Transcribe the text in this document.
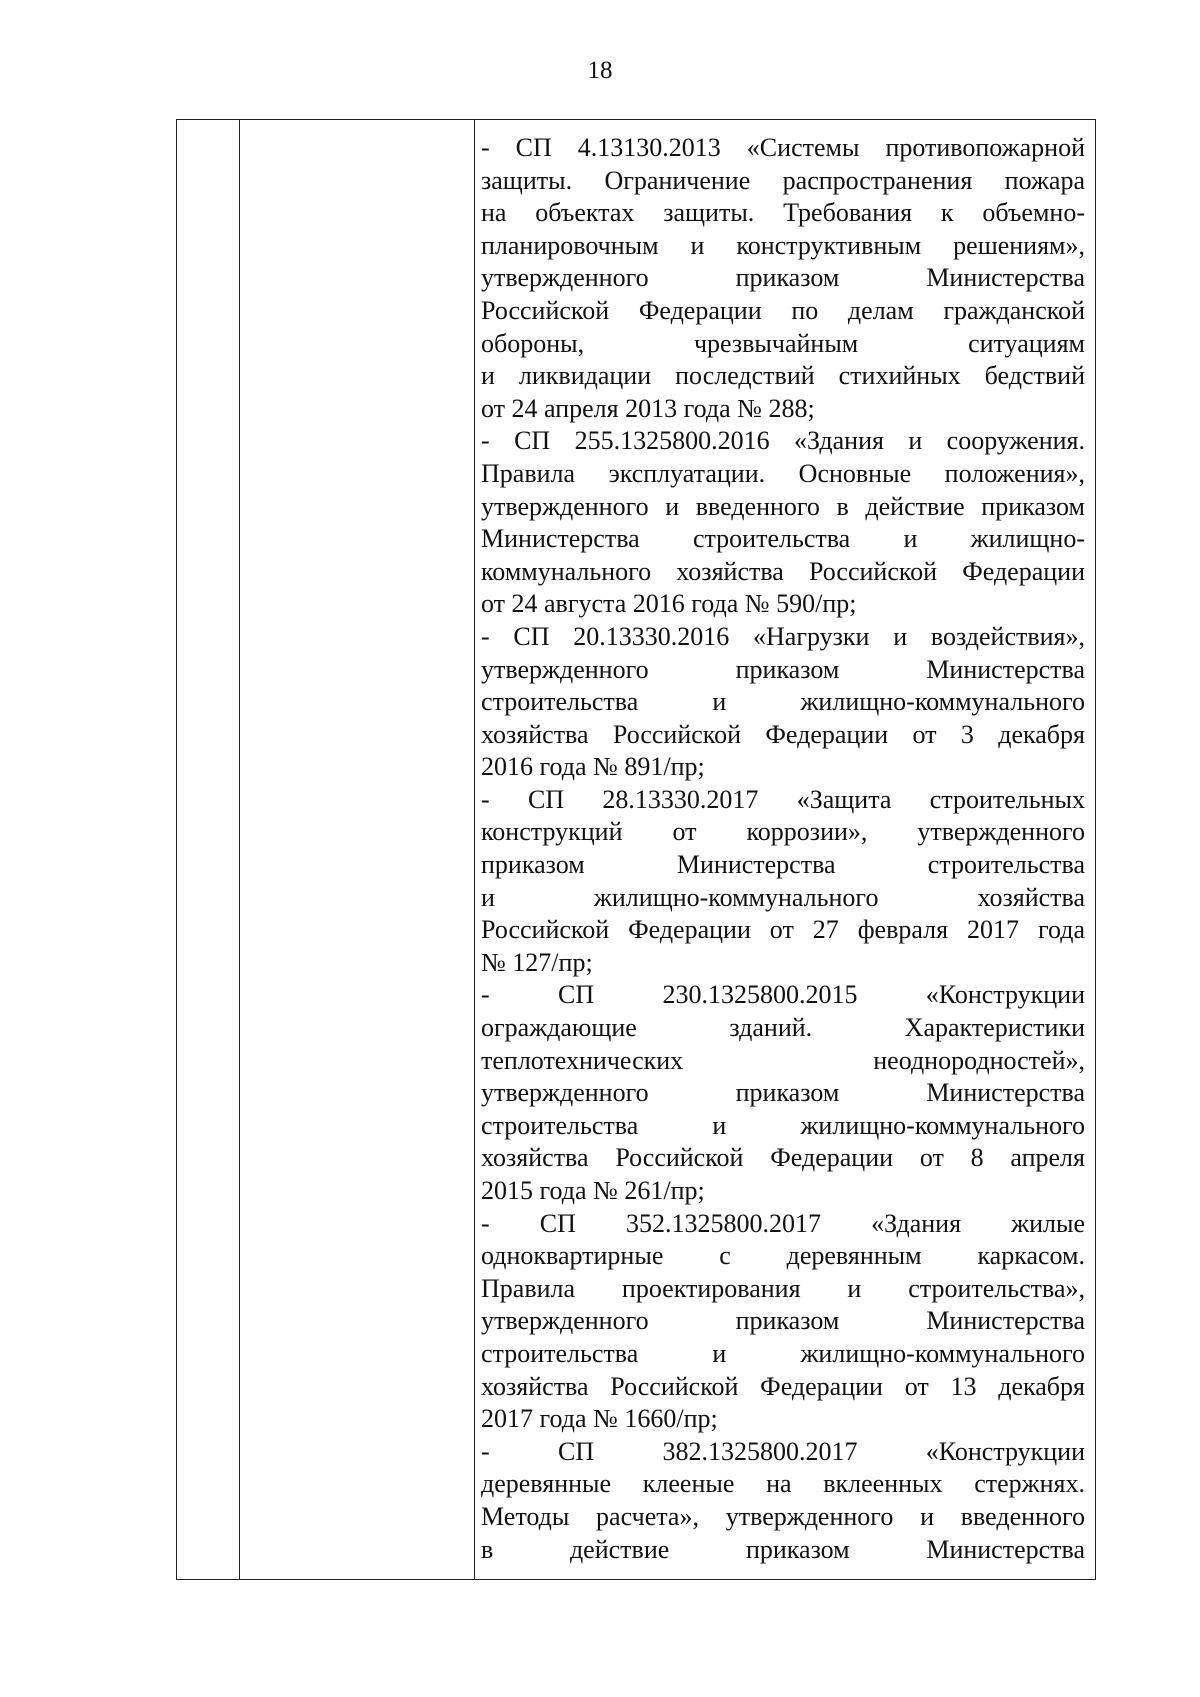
18
- СП 4.13130.2013 «Системы противопожарной
защиты. Ограничение распространения пожара
на объектах защиты. Требования к объемно-
планировочным и конструктивным решениям»,
утвержденного приказом Министерства
Российской Федерации по делам гражданской
обороны, чрезвычайным ситуациям
и ликвидации последствий стихийных бедствий
от 24 апреля 2013 года № 288;
- СП 255.1325800.2016 «Здания и сооружения.
Правила эксплуатации. Основные положения»,
утвержденного и введенного в действие приказом
Министерства строительства и жилищно-
коммунального хозяйства Российской Федерации
от 24 августа 2016 года № 590/пр;
- СП 20.13330.2016 «Нагрузки и воздействия»,
утвержденного приказом Министерства
строительства и жилищно-коммунального
хозяйства Российской Федерации от 3 декабря
2016 года № 891/пр;
- СП 28.13330.2017 «Защита строительных
конструкций от коррозии», утвержденного
приказом Министерства строительства
и жилищно-коммунального хозяйства
Российской Федерации от 27 февраля 2017 года
№ 127/пр;
- СП 230.1325800.2015 «Конструкции
ограждающие зданий. Характеристики
теплотехнических неоднородностей»,
утвержденного приказом Министерства
строительства и жилищно-коммунального
хозяйства Российской Федерации от 8 апреля
2015 года № 261/пр;
- СП 352.1325800.2017 «Здания жилые
одноквартирные с деревянным каркасом.
Правила проектирования и строительства»,
утвержденного приказом Министерства
строительства и жилищно-коммунального
хозяйства Российской Федерации от 13 декабря
2017 года № 1660/пр;
- СП 382.1325800.2017 «Конструкции
деревянные клееные на вклеенных стержнях.
Методы расчета», утвержденного и введенного
в действие приказом Министерства
